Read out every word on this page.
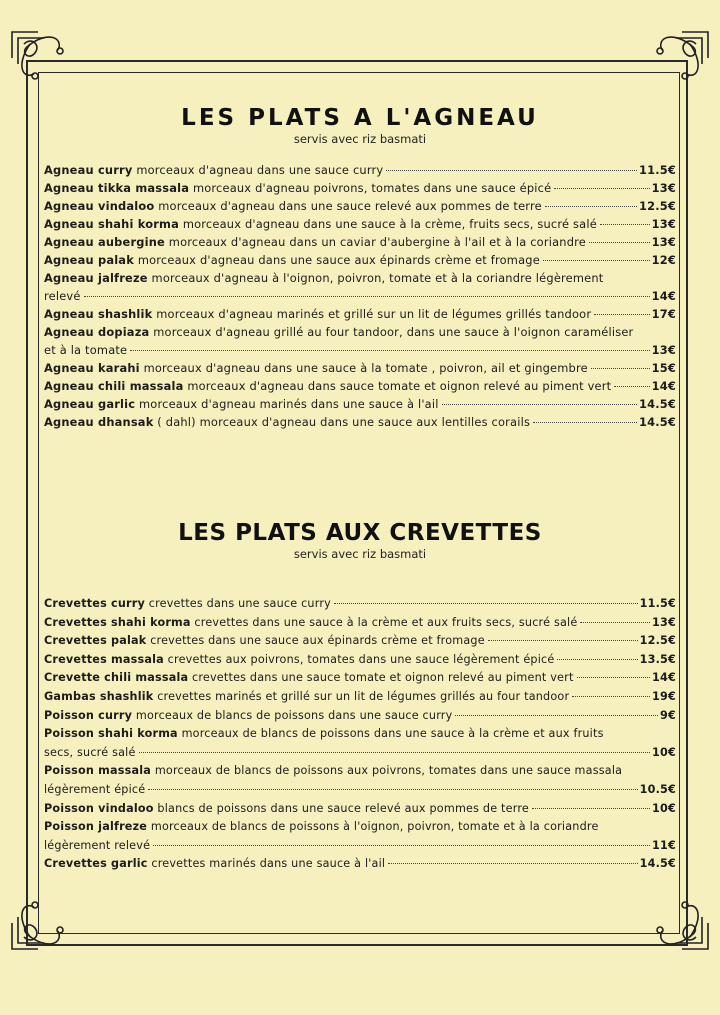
LES PLATS A L'AGNEAU
servis avec riz basmati
Agneau curry morceaux d'agneau dans une sauce curry	11.5€
Agneau tikka massala morceaux d'agneau poivrons, tomates dans une sauce épicé	13€
Agneau vindaloo morceaux d'agneau dans une sauce relevé aux pommes de terre	12.5€
Agneau shahi korma morceaux d'agneau dans une sauce à la crème, fruits secs, sucré salé	13€
Agneau aubergine morceaux d'agneau dans un caviar d'aubergine à l'ail et à la coriandre	13€
Agneau palak morceaux d'agneau dans une sauce aux épinards crème et fromage	12€
Agneau jalfreze morceaux d'agneau à l'oignon, poivron, tomate et à la coriandre légèrement
relevé	14€
Agneau shashlik morceaux d'agneau marinés et grillé sur un lit de légumes grillés tandoor	17€
Agneau dopiaza morceaux d'agneau grillé au four tandoor, dans une sauce à l'oignon caraméliser
et à la tomate	13€
Agneau karahi morceaux d'agneau dans une sauce à la tomate , poivron, ail et gingembre	15€
Agneau chili massala morceaux d'agneau dans sauce tomate et oignon relevé au piment vert	14€
Agneau garlic morceaux d'agneau marinés dans une sauce à l'ail	14.5€
Agneau dhansak ( dahl) morceaux d'agneau dans une sauce aux lentilles corails	14.5€
LES PLATS AUX CREVETTES
servis avec riz basmati
Crevettes curry crevettes dans une sauce curry	11.5€
Crevettes shahi korma crevettes dans une sauce à la crème et aux fruits secs, sucré salé	13€
Crevettes palak crevettes dans une sauce aux épinards crème et fromage	12.5€
Crevettes massala crevettes aux poivrons, tomates dans une sauce légèrement épicé	13.5€
Crevette chili massala crevettes dans une sauce tomate et oignon relevé au piment vert	14€
Gambas shashlik crevettes marinés et grillé sur un lit de légumes grillés au four tandoor	19€
Poisson curry morceaux de blancs de poissons dans une sauce curry	9€
Poisson shahi korma morceaux de blancs de poissons dans une sauce à la crème et aux fruits
secs, sucré salé	10€
Poisson massala morceaux de blancs de poissons aux poivrons, tomates dans une sauce massala
légèrement épicé	10.5€
Poisson vindaloo blancs de poissons dans une sauce relevé aux pommes de terre	10€
Poisson jalfreze morceaux de blancs de poissons à l'oignon, poivron, tomate et à la coriandre
légèrement relevé	11€
Crevettes garlic crevettes marinés dans une sauce à l'ail	14.5€
